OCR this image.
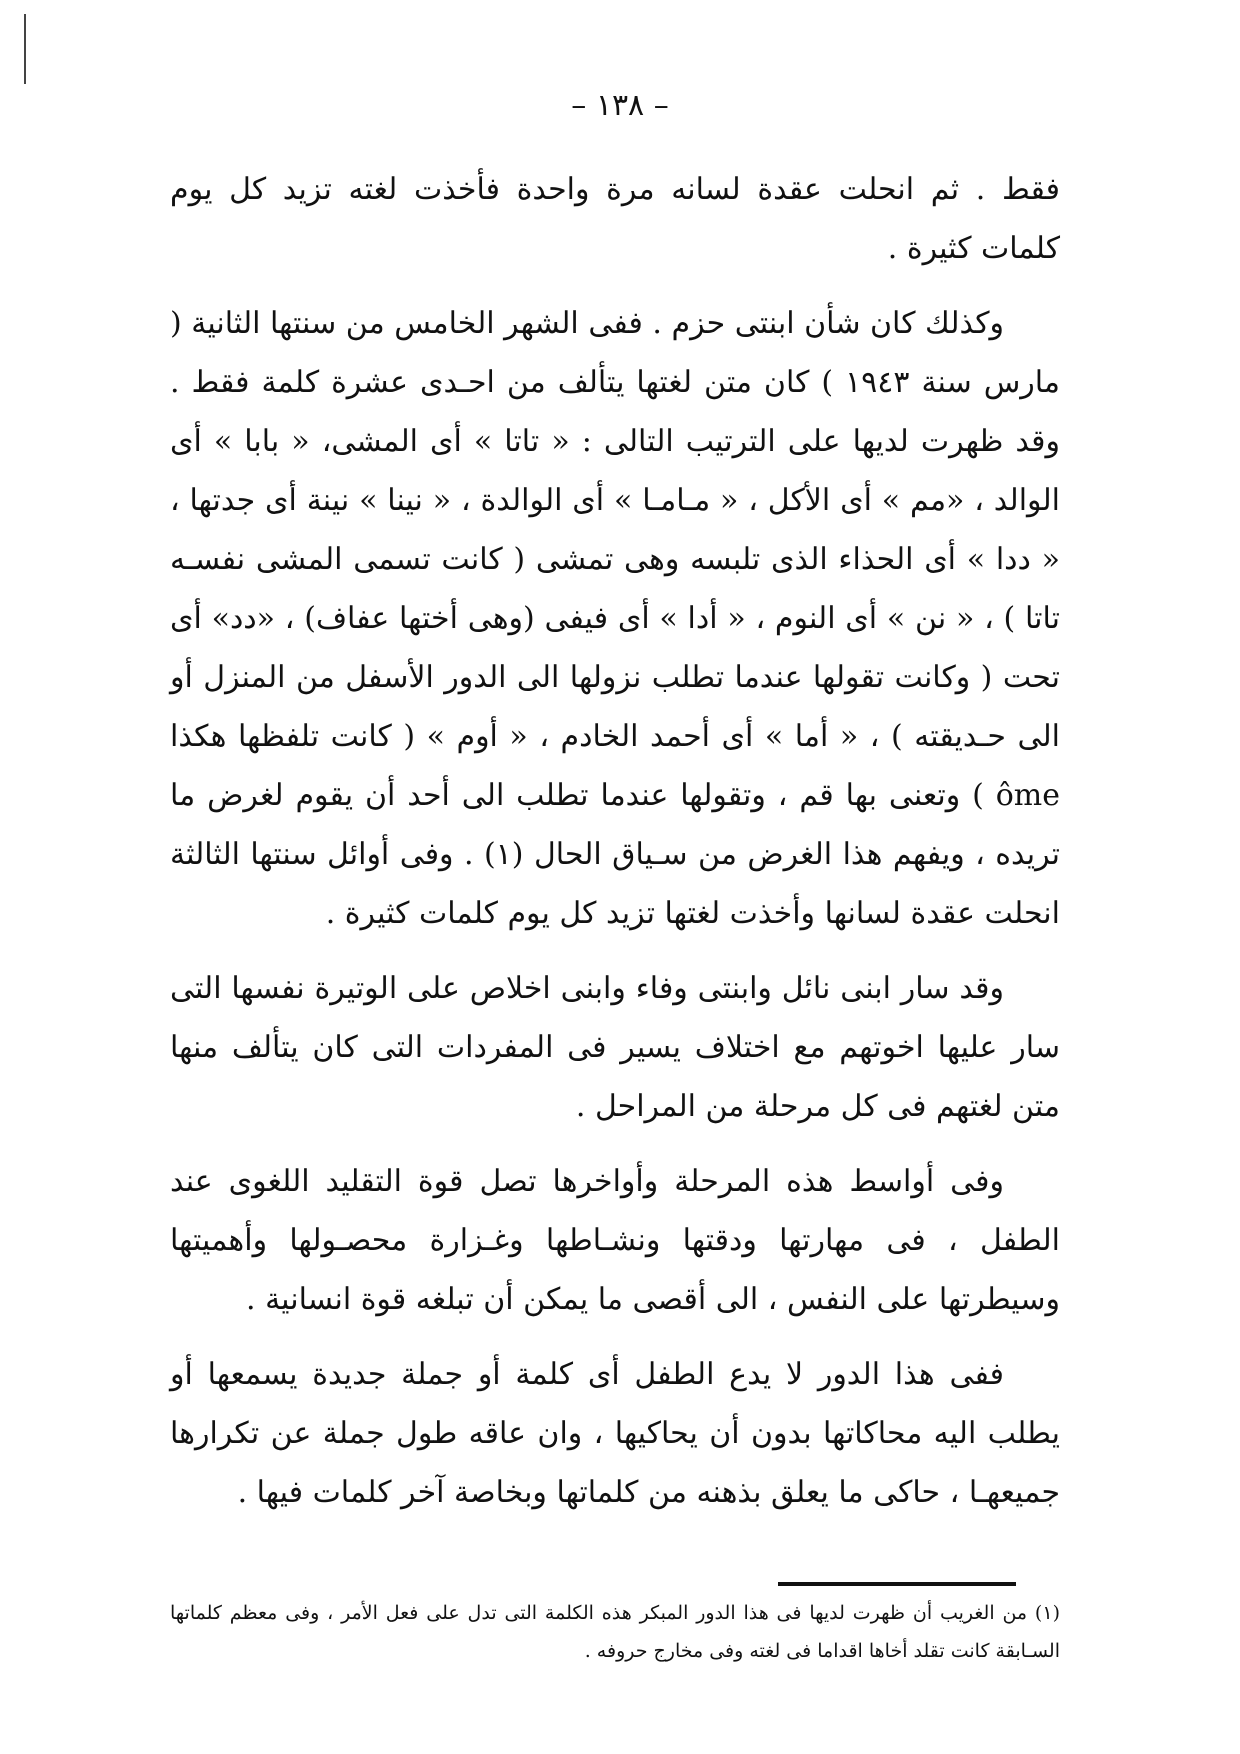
– ١٣٨ –

فقط . ثم انحلت عقدة لسانه مرة واحدة فأخذت لغته تزيد كل يوم كلمات كثيرة .

وكذلك كان شأن ابنتى حزم . ففى الشهر الخامس من سنتها الثانية ( مارس سنة ١٩٤٣ ) كان متن لغتها يتألف من احـدى عشرة كلمة فقط . وقد ظهرت لديها على الترتيب التالى : « تاتا » أى المشى، « بابا » أى الوالد ، «مم » أى الأكل ، « مـامـا » أى الوالدة ، « نينا » نينة أى جدتها ، « ددا » أى الحذاء الذى تلبسه وهى تمشى ( كانت تسمى المشى نفسـه تاتا ) ، « نن » أى النوم ، « أدا » أى فيفى (وهى أختها عفاف) ، «دد» أى تحت ( وكانت تقولها عندما تطلب نزولها الى الدور الأسفل من المنزل أو الى حـديقته ) ، « أما » أى أحمد الخادم ، « أوم » ( كانت تلفظها هكذا ôme ) وتعنى بها قم ، وتقولها عندما تطلب الى أحد أن يقوم لغرض ما تريده ، ويفهم هذا الغرض من سـياق الحال (١) . وفى أوائل سنتها الثالثة انحلت عقدة لسانها وأخذت لغتها تزيد كل يوم كلمات كثيرة .

وقد سار ابنى نائل وابنتى وفاء وابنى اخلاص على الوتيرة نفسها التى سار عليها اخوتهم مع اختلاف يسير فى المفردات التى كان يتألف منها متن لغتهم فى كل مرحلة من المراحل .

وفى أواسط هذه المرحلة وأواخرها تصل قوة التقليد اللغوى عند الطفل ، فى مهارتها ودقتها ونشـاطها وغـزارة محصـولها وأهميتها وسيطرتها على النفس ، الى أقصى ما يمكن أن تبلغه قوة انسانية .

ففى هذا الدور لا يدع الطفل أى كلمة أو جملة جديدة يسمعها أو يطلب اليه محاكاتها بدون أن يحاكيها ، وان عاقه طول جملة عن تكرارها جميعهـا ، حاكى ما يعلق بذهنه من كلماتها وبخاصة آخر كلمات فيها .

(١) من الغريب أن ظهرت لديها فى هذا الدور المبكر هذه الكلمة التى تدل على فعل الأمر ، وفى معظم كلماتها السـابقة كانت تقلد أخاها اقداما فى لغته وفى مخارج حروفه .
